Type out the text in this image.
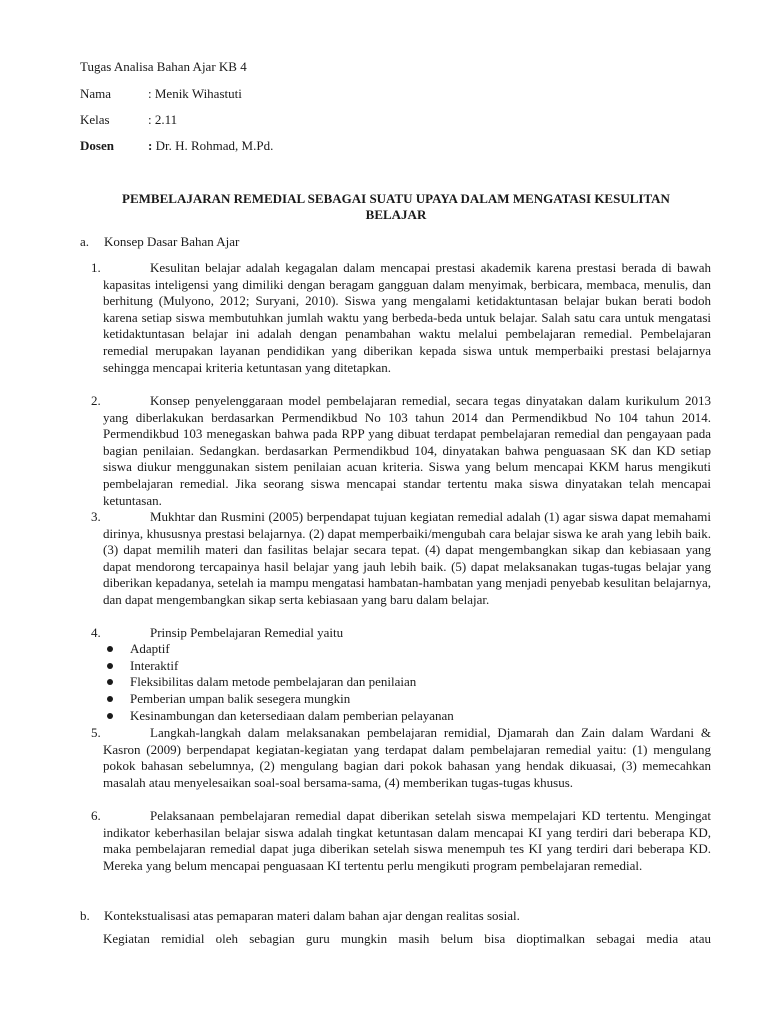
Tugas Analisa Bahan Ajar KB 4
Nama	: Menik Wihastuti
Kelas	: 2.11
Dosen	: Dr. H. Rohmad, M.Pd.
PEMBELAJARAN REMEDIAL SEBAGAI SUATU UPAYA DALAM MENGATASI KESULITAN BELAJAR
a. Konsep Dasar Bahan Ajar
1.	Kesulitan belajar adalah kegagalan dalam mencapai prestasi akademik karena prestasi berada di bawah kapasitas inteligensi yang dimiliki dengan beragam gangguan dalam menyimak, berbicara, membaca, menulis, dan berhitung (Mulyono, 2012; Suryani, 2010). Siswa yang mengalami ketidaktuntasan belajar bukan berati bodoh karena setiap siswa membutuhkan jumlah waktu yang berbeda-beda untuk belajar. Salah satu cara untuk mengatasi ketidaktuntasan belajar ini adalah dengan penambahan waktu melalui pembelajaran remedial. Pembelajaran remedial merupakan layanan pendidikan yang diberikan kepada siswa untuk memperbaiki prestasi belajarnya sehingga mencapai kriteria ketuntasan yang ditetapkan.

2.	Konsep penyelenggaraan model pembelajaran remedial, secara tegas dinyatakan dalam kurikulum 2013 yang diberlakukan berdasarkan Permendikbud No 103 tahun 2014 dan Permendikbud No 104 tahun 2014. Permendikbud 103 menegaskan bahwa pada RPP yang dibuat terdapat pembelajaran remedial dan pengayaan pada bagian penilaian. Sedangkan. berdasarkan Permendikbud 104, dinyatakan bahwa penguasaan SK dan KD setiap siswa diukur menggunakan sistem penilaian acuan kriteria. Siswa yang belum mencapai KKM harus mengikuti pembelajaran remedial. Jika seorang siswa mencapai standar tertentu maka siswa dinyatakan telah mencapai ketuntasan.

3.	Mukhtar dan Rusmini (2005) berpendapat tujuan kegiatan remedial adalah (1) agar siswa dapat memahami dirinya, khususnya prestasi belajarnya. (2) dapat memperbaiki/mengubah cara belajar siswa ke arah yang lebih baik. (3) dapat memilih materi dan fasilitas belajar secara tepat. (4) dapat mengembangkan sikap dan kebiasaan yang dapat mendorong tercapainya hasil belajar yang jauh lebih baik. (5) dapat melaksanakan tugas-tugas belajar yang diberikan kepadanya, setelah ia mampu mengatasi hambatan-hambatan yang menjadi penyebab kesulitan belajarnya, dan dapat mengembangkan sikap serta kebiasaan yang baru dalam belajar.

4.	Prinsip Pembelajaran Remedial yaitu

Adaptif
Interaktif
Fleksibilitas dalam metode pembelajaran dan penilaian
Pemberian umpan balik sesegera mungkin
Kesinambungan dan ketersediaan dalam pemberian pelayanan
5.	Langkah-langkah dalam melaksanakan pembelajaran remidial, Djamarah dan Zain dalam Wardani & Kasron (2009) berpendapat kegiatan-kegiatan yang terdapat dalam pembelajaran remedial yaitu: (1) mengulang pokok bahasan sebelumnya, (2) mengulang bagian dari pokok bahasan yang hendak dikuasai, (3) memecahkan masalah atau menyelesaikan soal-soal bersama-sama, (4) memberikan tugas-tugas khusus.

6.	Pelaksanaan pembelajaran remedial dapat diberikan setelah siswa mempelajari KD tertentu. Mengingat indikator keberhasilan belajar siswa adalah tingkat ketuntasan dalam mencapai KI yang terdiri dari beberapa KD, maka pembelajaran remedial dapat juga diberikan setelah siswa menempuh tes KI yang terdiri dari beberapa KD. Mereka yang belum mencapai penguasaan KI tertentu perlu mengikuti program pembelajaran remedial.

b. Kontekstualisasi atas pemaparan materi dalam bahan ajar dengan realitas sosial.
Kegiatan remidial oleh sebagian guru mungkin masih belum bisa dioptimalkan sebagai media atau
